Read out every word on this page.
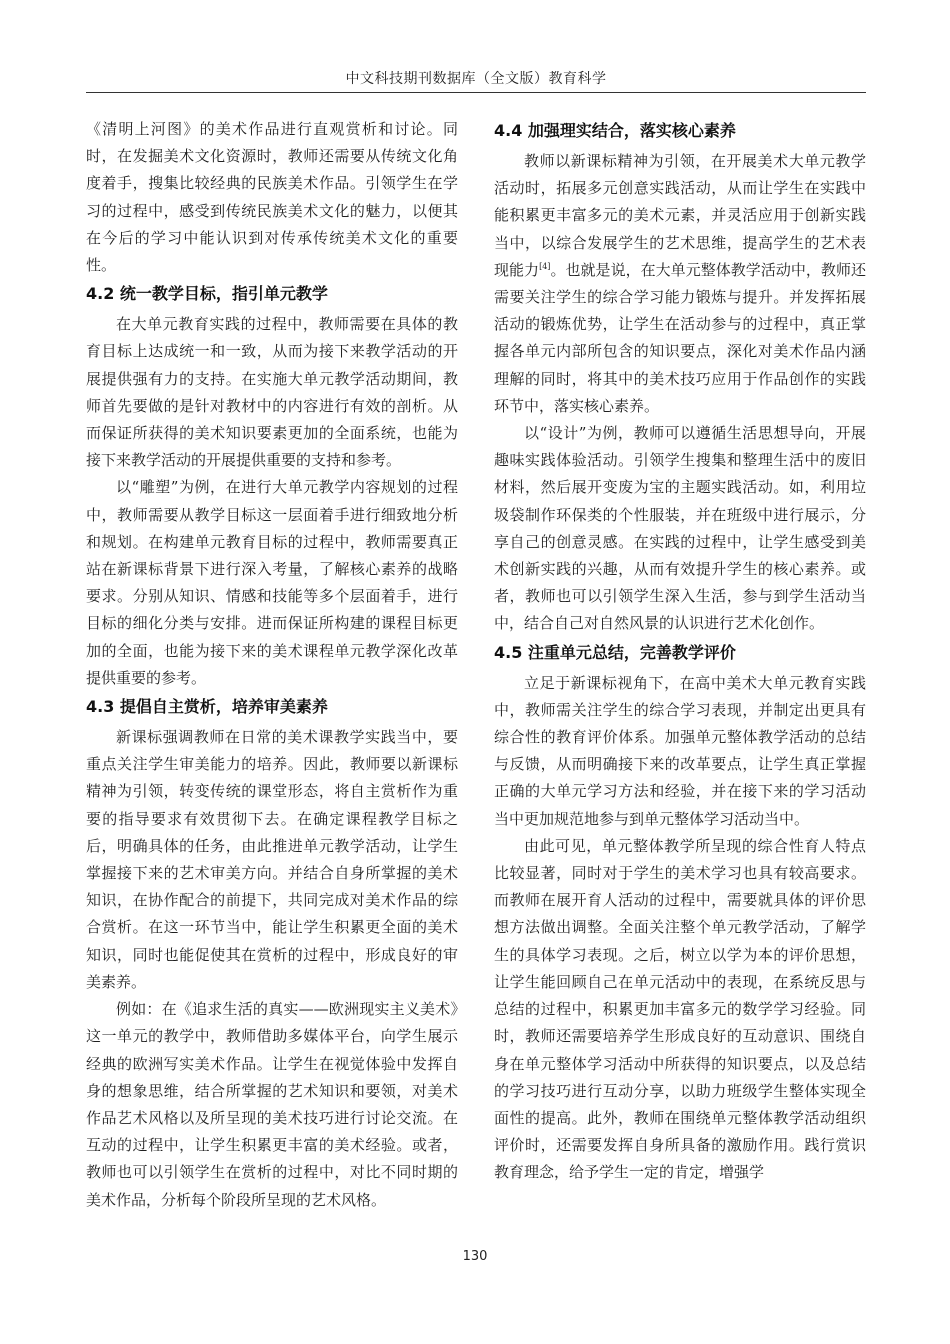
中文科技期刊数据库（全文版）教育科学

《清明上河图》的美术作品进行直观赏析和讨论。同时，在发掘美术文化资源时，教师还需要从传统文化角度着手，搜集比较经典的民族美术作品。引领学生在学习的过程中，感受到传统民族美术文化的魅力，以便其在今后的学习中能认识到对传承传统美术文化的重要性。

4.2 统一教学目标，指引单元教学

在大单元教育实践的过程中，教师需要在具体的教育目标上达成统一和一致，从而为接下来教学活动的开展提供强有力的支持。在实施大单元教学活动期间，教师首先要做的是针对教材中的内容进行有效的剖析。从而保证所获得的美术知识要素更加的全面系统，也能为接下来教学活动的开展提供重要的支持和参考。

以“雕塑”为例，在进行大单元教学内容规划的过程中，教师需要从教学目标这一层面着手进行细致地分析和规划。在构建单元教育目标的过程中，教师需要真正站在新课标背景下进行深入考量，了解核心素养的战略要求。分别从知识、情感和技能等多个层面着手，进行目标的细化分类与安排。进而保证所构建的课程目标更加的全面，也能为接下来的美术课程单元教学深化改革提供重要的参考。

4.3 提倡自主赏析，培养审美素养

新课标强调教师在日常的美术课教学实践当中，要重点关注学生审美能力的培养。因此，教师要以新课标精神为引领，转变传统的课堂形态，将自主赏析作为重要的指导要求有效贯彻下去。在确定课程教学目标之后，明确具体的任务，由此推进单元教学活动，让学生掌握接下来的艺术审美方向。并结合自身所掌握的美术知识，在协作配合的前提下，共同完成对美术作品的综合赏析。在这一环节当中，能让学生积累更全面的美术知识，同时也能促使其在赏析的过程中，形成良好的审美素养。

例如：在《追求生活的真实——欧洲现实主义美术》这一单元的教学中，教师借助多媒体平台，向学生展示经典的欧洲写实美术作品。让学生在视觉体验中发挥自身的想象思维，结合所掌握的艺术知识和要领，对美术作品艺术风格以及所呈现的美术技巧进行讨论交流。在互动的过程中，让学生积累更丰富的美术经验。或者，教师也可以引领学生在赏析的过程中，对比不同时期的美术作品，分析每个阶段所呈现的艺术风格。

4.4 加强理实结合，落实核心素养

教师以新课标精神为引领，在开展美术大单元教学活动时，拓展多元创意实践活动，从而让学生在实践中能积累更丰富多元的美术元素，并灵活应用于创新实践当中，以综合发展学生的艺术思维，提高学生的艺术表现能力[4]。也就是说，在大单元整体教学活动中，教师还需要关注学生的综合学习能力锻炼与提升。并发挥拓展活动的锻炼优势，让学生在活动参与的过程中，真正掌握各单元内部所包含的知识要点，深化对美术作品内涵理解的同时，将其中的美术技巧应用于作品创作的实践环节中，落实核心素养。

以“设计”为例，教师可以遵循生活思想导向，开展趣味实践体验活动。引领学生搜集和整理生活中的废旧材料，然后展开变废为宝的主题实践活动。如，利用垃圾袋制作环保类的个性服装，并在班级中进行展示，分享自己的创意灵感。在实践的过程中，让学生感受到美术创新实践的兴趣，从而有效提升学生的核心素养。或者，教师也可以引领学生深入生活，参与到学生活动当中，结合自己对自然风景的认识进行艺术化创作。

4.5 注重单元总结，完善教学评价

立足于新课标视角下，在高中美术大单元教育实践中，教师需关注学生的综合学习表现，并制定出更具有综合性的教育评价体系。加强单元整体教学活动的总结与反馈，从而明确接下来的改革要点，让学生真正掌握正确的大单元学习方法和经验，并在接下来的学习活动当中更加规范地参与到单元整体学习活动当中。

由此可见，单元整体教学所呈现的综合性育人特点比较显著，同时对于学生的美术学习也具有较高要求。而教师在展开育人活动的过程中，需要就具体的评价思想方法做出调整。全面关注整个单元教学活动，了解学生的具体学习表现。之后，树立以学为本的评价思想，让学生能回顾自己在单元活动中的表现，在系统反思与总结的过程中，积累更加丰富多元的数学学习经验。同时，教师还需要培养学生形成良好的互动意识、围绕自身在单元整体学习活动中所获得的知识要点，以及总结的学习技巧进行互动分享，以助力班级学生整体实现全面性的提高。此外，教师在围绕单元整体教学活动组织评价时，还需要发挥自身所具备的激励作用。践行赏识教育理念，给予学生一定的肯定，增强学

130
